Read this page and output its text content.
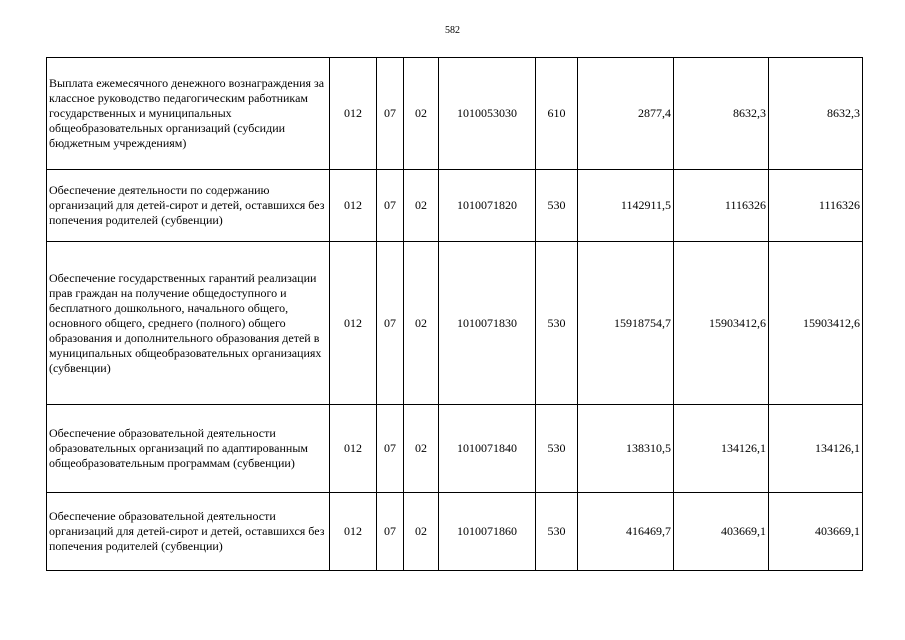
582
Выплата ежемесячного денежного вознаграждения за классное руководство педагогическим работникам государственных и муниципальных общеобразовательных организаций (субсидии бюджетным учреждениям)	012	07	02	1010053030	610	2877,4	8632,3	8632,3
Обеспечение деятельности по содержанию организаций для детей-сирот и детей, оставшихся без попечения родителей (субвенции)	012	07	02	1010071820	530	1142911,5	1116326	1116326
Обеспечение государственных гарантий реализации прав граждан на получение общедоступного и бесплатного дошкольного, начального общего, основного общего, среднего (полного) общего образования и дополнительного образования детей в муниципальных общеобразовательных организациях (субвенции)	012	07	02	1010071830	530	15918754,7	15903412,6	15903412,6
Обеспечение образовательной деятельности образовательных организаций по адаптированным общеобразовательным программам (субвенции)	012	07	02	1010071840	530	138310,5	134126,1	134126,1
Обеспечение образовательной деятельности организаций для детей-сирот и детей, оставшихся без попечения родителей (субвенции)	012	07	02	1010071860	530	416469,7	403669,1	403669,1
